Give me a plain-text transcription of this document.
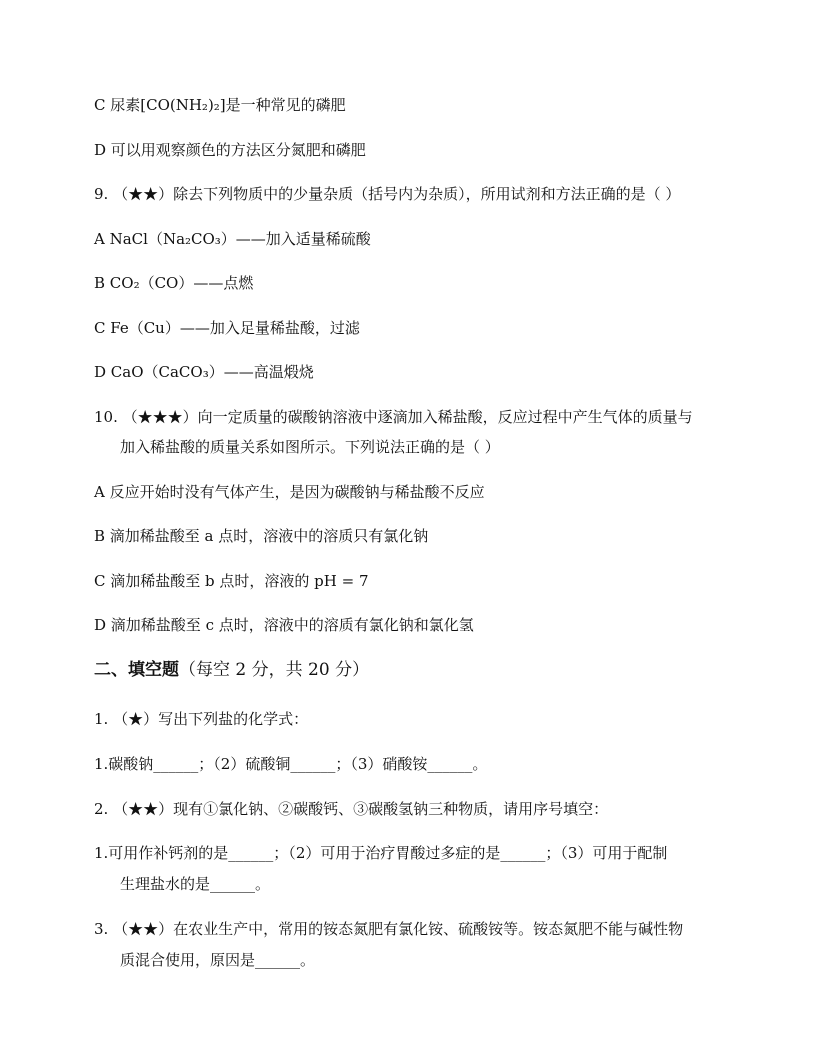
C 尿素[CO(NH₂)₂]是一种常见的磷肥
D 可以用观察颜色的方法区分氮肥和磷肥
9. （★★）除去下列物质中的少量杂质（括号内为杂质），所用试剂和方法正确的是（ ）
A NaCl（Na₂CO₃）——加入适量稀硫酸
B CO₂（CO）——点燃
C Fe（Cu）——加入足量稀盐酸，过滤
D CaO（CaCO₃）——高温煅烧
10. （★★★）向一定质量的碳酸钠溶液中逐滴加入稀盐酸，反应过程中产生气体的质量与
加入稀盐酸的质量关系如图所示。下列说法正确的是（ ）
A 反应开始时没有气体产生，是因为碳酸钠与稀盐酸不反应
B 滴加稀盐酸至 a 点时，溶液中的溶质只有氯化钠
C 滴加稀盐酸至 b 点时，溶液的 pH = 7
D 滴加稀盐酸至 c 点时，溶液中的溶质有氯化钠和氯化氢
二、填空题（每空 2 分，共 20 分）
1. （★）写出下列盐的化学式：
1.碳酸钠______；（2）硫酸铜______；（3）硝酸铵______。
2. （★★）现有①氯化钠、②碳酸钙、③碳酸氢钠三种物质，请用序号填空：
1.可用作补钙剂的是______；（2）可用于治疗胃酸过多症的是______；（3）可用于配制
生理盐水的是______。
3. （★★）在农业生产中，常用的铵态氮肥有氯化铵、硫酸铵等。铵态氮肥不能与碱性物
质混合使用，原因是______。
